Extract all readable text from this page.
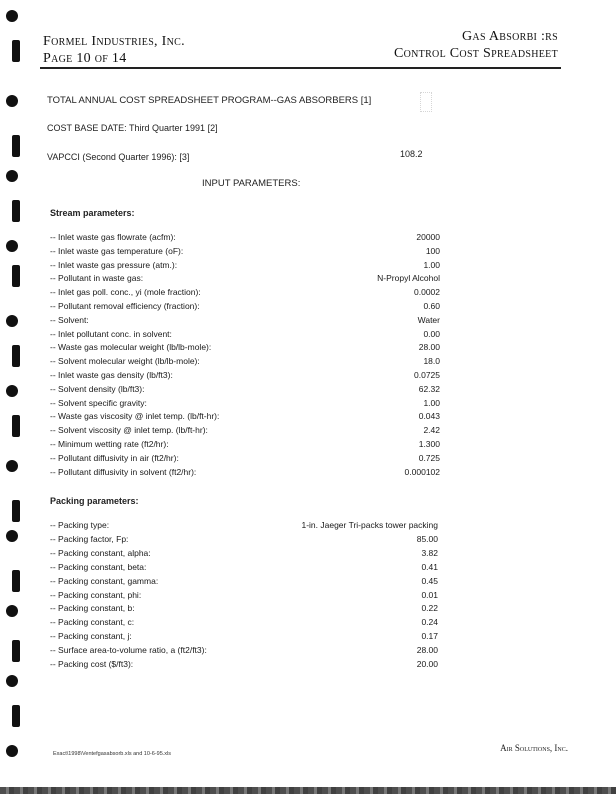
Formel Industries, Inc.
Page 10 of 14
Gas Absorbi :rs
Control Cost Spreadsheet
TOTAL ANNUAL COST SPREADSHEET PROGRAM--GAS ABSORBERS [1]
COST BASE DATE: Third Quarter 1991 [2]
VAPCCI (Second Quarter 1996): [3]	108.2
INPUT PARAMETERS:
Stream parameters:
-- Inlet waste gas flowrate (acfm):	20000
-- Inlet waste gas temperature (oF):	100
-- Inlet waste gas pressure (atm.):	1.00
-- Pollutant in waste gas:	N-Propyl Alcohol
-- Inlet gas poll. conc., yi (mole fraction):	0.0002
-- Pollutant removal efficiency (fraction):	0.60
-- Solvent:	Water
-- Inlet pollutant conc. in solvent:	0.00
-- Waste gas molecular weight (lb/lb-mole):	28.00
-- Solvent molecular weight (lb/lb-mole):	18.0
-- Inlet waste gas density (lb/ft3):	0.0725
-- Solvent density (lb/ft3):	62.32
-- Solvent specific gravity:	1.00
-- Waste gas viscosity @ inlet temp. (lb/ft-hr):	0.043
-- Solvent viscosity @ inlet temp. (lb/ft-hr):	2.42
-- Minimum wetting rate (ft2/hr):	1.300
-- Pollutant diffusivity in air (ft2/hr):	0.725
-- Pollutant diffusivity in solvent (ft2/hr):	0.000102
Packing parameters:
-- Packing type:	1-in. Jaeger Tri-packs tower packing
-- Packing factor, Fp:	85.00
-- Packing constant, alpha:	3.82
-- Packing constant, beta:	0.41
-- Packing constant, gamma:	0.45
-- Packing constant, phi:	0.01
-- Packing constant, b:	0.22
-- Packing constant, c:	0.24
-- Packing constant, j:	0.17
-- Surface area-to-volume ratio, a (ft2/ft3):	28.00
-- Packing cost ($/ft3):	20.00
Exact\1998\Ventefgasabsorb.xls and 10-6-95.xls
Air Solutions, Inc.
